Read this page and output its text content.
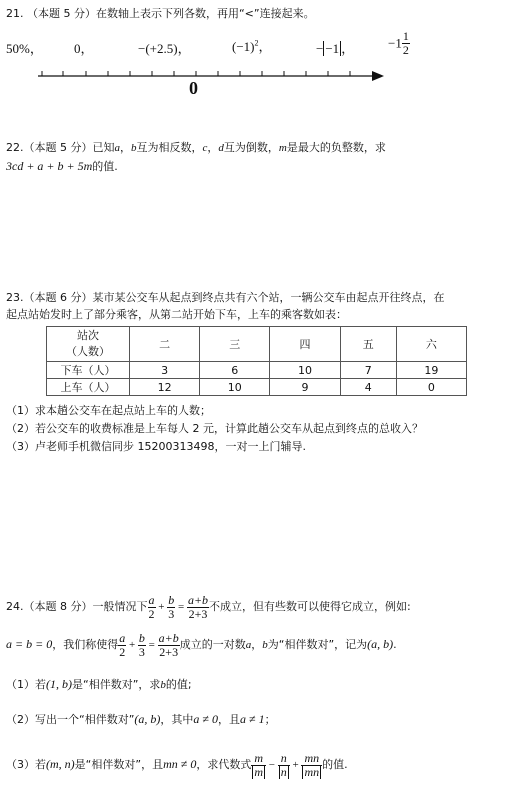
21. （本题 5 分）在数轴上表示下列各数，再用“<”连接起来。
50%， 0，	−(+2.5)，	$(-1)^2$，	− −1 ，	$-1 \frac{1}{2}$
0
22.（本题 5 分）已知a，b互为相反数，c，d互为倒数，m是最大的负整数，求
3cd + a + b + 5m的值.
23.（本题 6 分）某市某公交车从起点到终点共有六个站，一辆公交车由起点开往终点，在
起点站始发时上了部分乘客，从第二站开始下车，上车的乘客数如表：
站次
（人数）	二	三	四	五	六
下车（人）	3	6	10	7	19
上车（人）	12	10	9	4	0
（1）求本趟公交车在起点站上车的人数；
（2）若公交车的收费标准是上车每人 2 元，计算此趟公交车从起点到终点的总收入？
（3）卢老师手机微信同步 15200313498，一对一上门辅导.
24.（本题 8 分）一般情况下 $\frac{a}{2} + \frac{b}{3} = \frac{a+b}{2+3}$ 不成立，但有些数可以使得它成立，例如:
a = b = 0，我们称使得 $\frac{a}{2} + \frac{b}{3} = \frac{a+b}{2+3}$ 成立的一对数a，b为“相伴数对”，记为(a, b).
（1）若(1, b)是“相伴数对”，求b的值;
（2）写出一个“相伴数对”(a, b)，其中a ≠ 0，且a ≠ 1；
（3）若(m, n)是“相伴数对”，且mn ≠ 0，求代数式 $\frac{m}{m} - \frac{n}{n} + \frac{mn}{mn}$ 的值.
